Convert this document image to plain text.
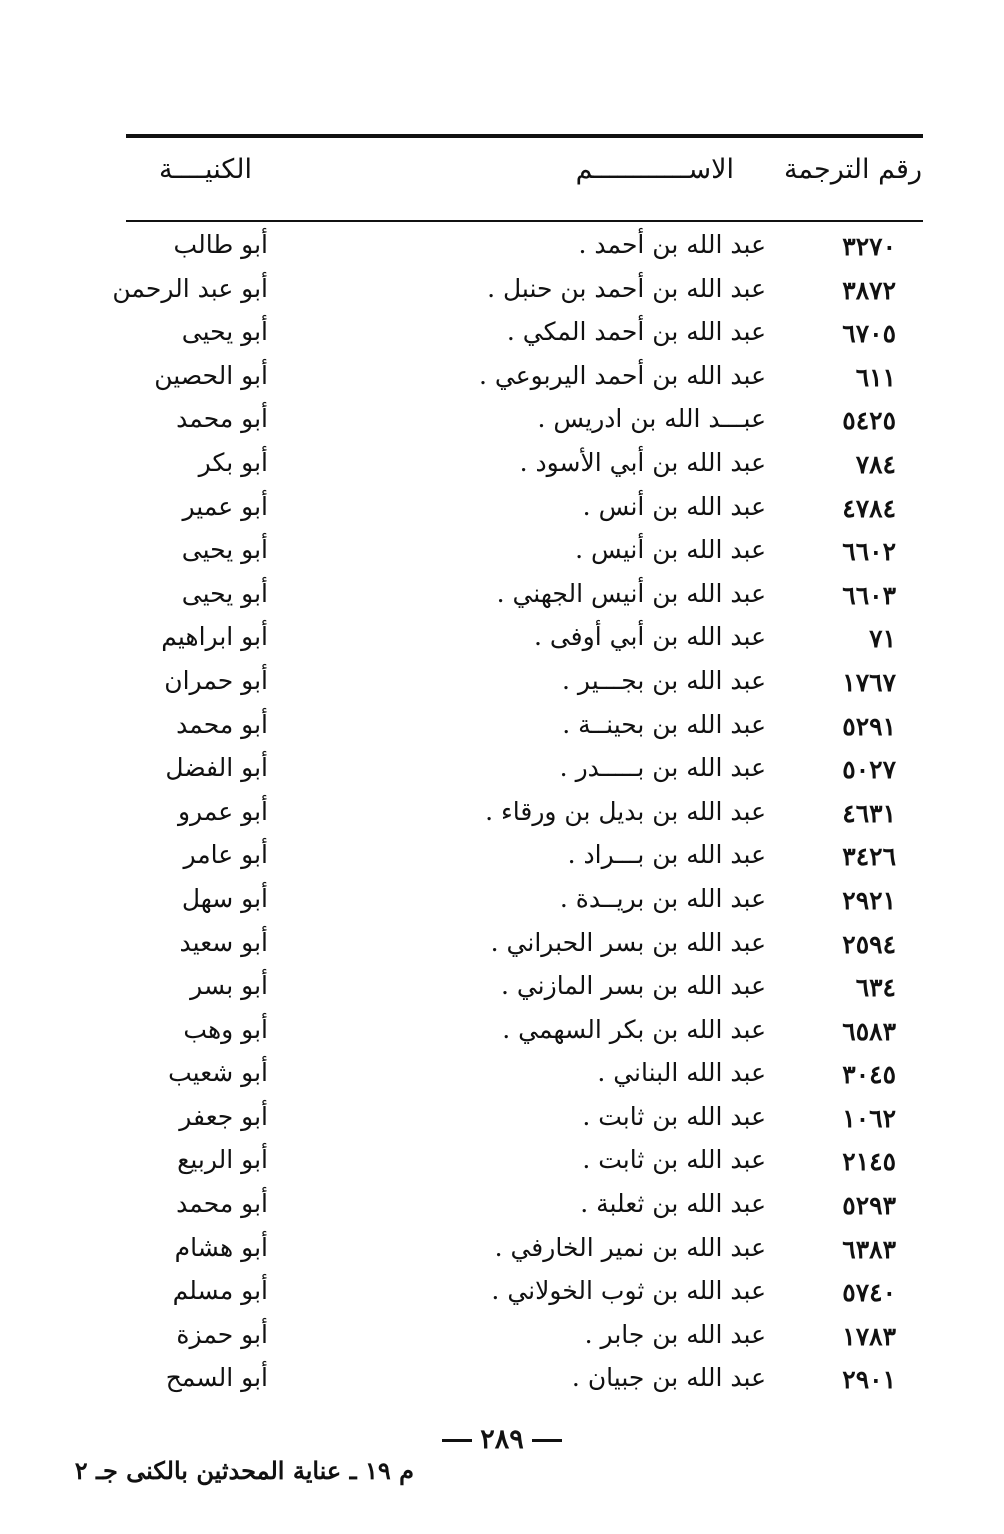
رقم الترجمة
الاســــــــــــم
الكنيــــة
٣٢٧٠
عبد الله بن أحمد .
أبو طالب
٣٨٧٢
عبد الله بن أحمد بن حنبل .
أبو عبد الرحمن
٦٧٠٥
عبد الله بن أحمد المكي .
أبو يحيى
٦١١
عبد الله بن أحمد اليربوعي .
أبو الحصين
٥٤٢٥
عبـــد الله بن ادريس .
أبو محمد
٧٨٤
عبد الله بن أبي الأسود .
أبو بكر
٤٧٨٤
عبد الله بن أنس .
أبو عمير
٦٦٠٢
عبد الله بن أنيس .
أبو يحيى
٦٦٠٣
عبد الله بن أنيس الجهني .
أبو يحيى
٧١
عبد الله بن أبي أوفى .
أبو ابراهيم
١٧٦٧
عبد الله بن بجـــير .
أبو حمران
٥٢٩١
عبد الله بن بحينــة .
أبو محمد
٥٠٢٧
عبد الله بن بـــــدر .
أبو الفضل
٤٦٣١
عبد الله بن بديل بن ورقاء .
أبو عمرو
٣٤٢٦
عبد الله بن بـــراد .
أبو عامر
٢٩٢١
عبد الله بن بريــدة .
أبو سهل
٢٥٩٤
عبد الله بن بسر الحبراني .
أبو سعيد
٦٣٤
عبد الله بن بسر المازني .
أبو بسر
٦٥٨٣
عبد الله بن بكر السهمي .
أبو وهب
٣٠٤٥
عبد الله البناني .
أبو شعيب
١٠٦٢
عبد الله بن ثابت .
أبو جعفر
٢١٤٥
عبد الله بن ثابت .
أبو الربيع
٥٢٩٣
عبد الله بن ثعلبة .
أبو محمد
٦٣٨٣
عبد الله بن نمير الخارفي .
أبو هشام
٥٧٤٠
عبد الله بن ثوب الخولاني .
أبو مسلم
١٧٨٣
عبد الله بن جابر .
أبو حمزة
٢٩٠١
عبد الله بن جبيان .
أبو السمح
٢٨٩
م ١٩ ـ عناية المحدثين بالكنى جـ ٢
